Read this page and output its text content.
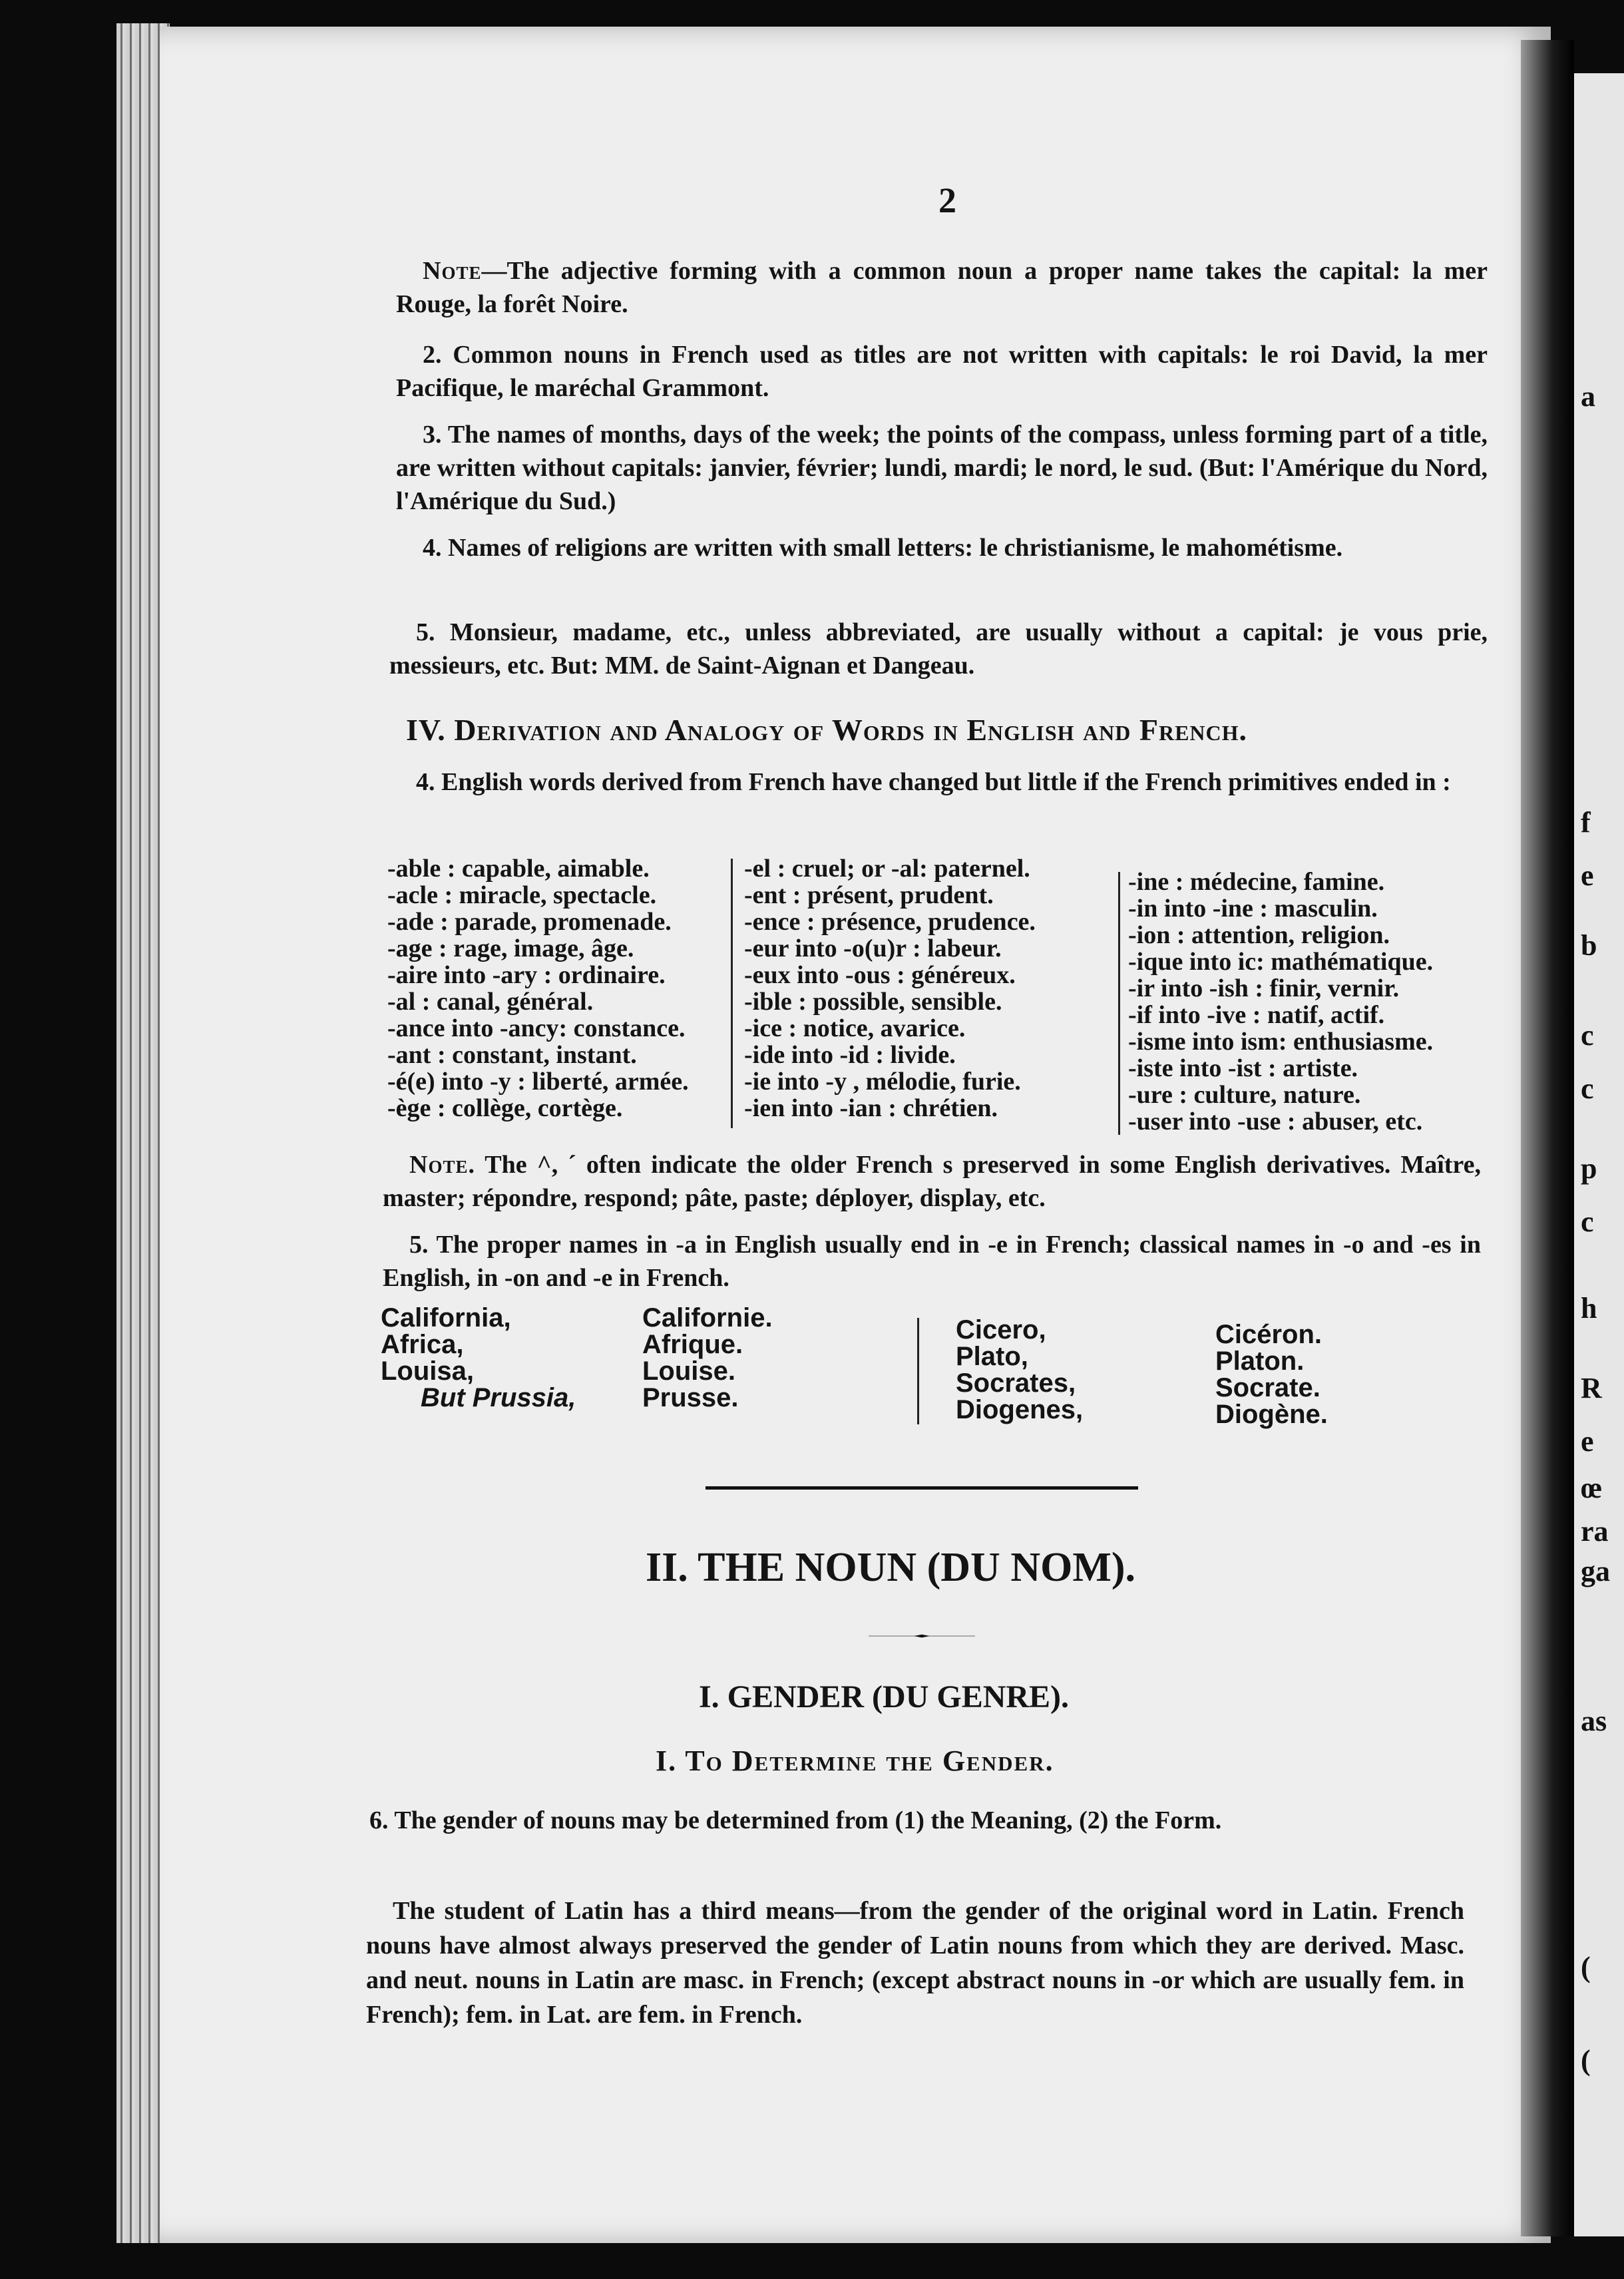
a
f
e
b
c
c
p
c
h
R
e
œ
ra
ga
as
(
(
2

Note—The adjective forming with a common noun a proper name takes the capital: la mer Rouge, la forêt Noire.

2. Common nouns in French used as titles are not written with capitals: le roi David, la mer Pacifique, le maréchal Grammont.

3. The names of months, days of the week; the points of the compass, unless forming part of a title, are written without capitals: janvier, février; lundi, mardi; le nord, le sud. (But: l'Amérique du Nord, l'Amérique du Sud.)

4. Names of religions are written with small letters: le christianisme, le mahométisme.

5. Monsieur, madame, etc., unless abbreviated, are usually without a capital: je vous prie, messieurs, etc. But: MM. de Saint-Aignan et Dangeau.

IV. Derivation and Analogy of Words in English and French.

4. English words derived from French have changed but little if the French primitives ended in :

-able : capable, aimable.
-acle : miracle, spectacle.
-ade : parade, promenade.
-age : rage, image, âge.
-aire into -ary : ordinaire.
-al : canal, général.
-ance into -ancy: constance.
-ant : constant, instant.
-é(e) into -y : liberté, armée.
-ège : collège, cortège.
-el : cruel; or -al: paternel.
-ent : présent, prudent.
-ence : présence, prudence.
-eur into -o(u)r : labeur.
-eux into -ous : généreux.
-ible : possible, sensible.
-ice : notice, avarice.
-ide into -id : livide.
-ie into -y , mélodie, furie.
-ien into -ian : chrétien.
-ine : médecine, famine.
-in into -ine : masculin.
-ion : attention, religion.
-ique into ic: mathématique.
-ir into -ish : finir, vernir.
-if into -ive : natif, actif.
-isme into ism: enthusiasme.
-iste into -ist : artiste.
-ure : culture, nature.
-user into -use : abuser, etc.

Note. The ^, ´ often indicate the older French s preserved in some English derivatives. Maître, master; répondre, respond; pâte, paste; déployer, display, etc.

5. The proper names in -a in English usually end in -e in French; classical names in -o and -es in English, in -on and -e in French.

California,
Africa,
Louisa,
But Prussia,
Californie.
Afrique.
Louise.
Prusse.
Cicero,
Plato,
Socrates,
Diogenes,
Cicéron.
Platon.
Socrate.
Diogène.
II. THE NOUN (DU NOM).
I. GENDER (DU GENRE).
I. To Determine the Gender.

6. The gender of nouns may be determined from (1) the Meaning, (2) the Form.

The student of Latin has a third means—from the gender of the original word in Latin. French nouns have almost always preserved the gender of Latin nouns from which they are derived. Masc. and neut. nouns in Latin are masc. in French; (except abstract nouns in -or which are usually fem. in French); fem. in Lat. are fem. in French.
